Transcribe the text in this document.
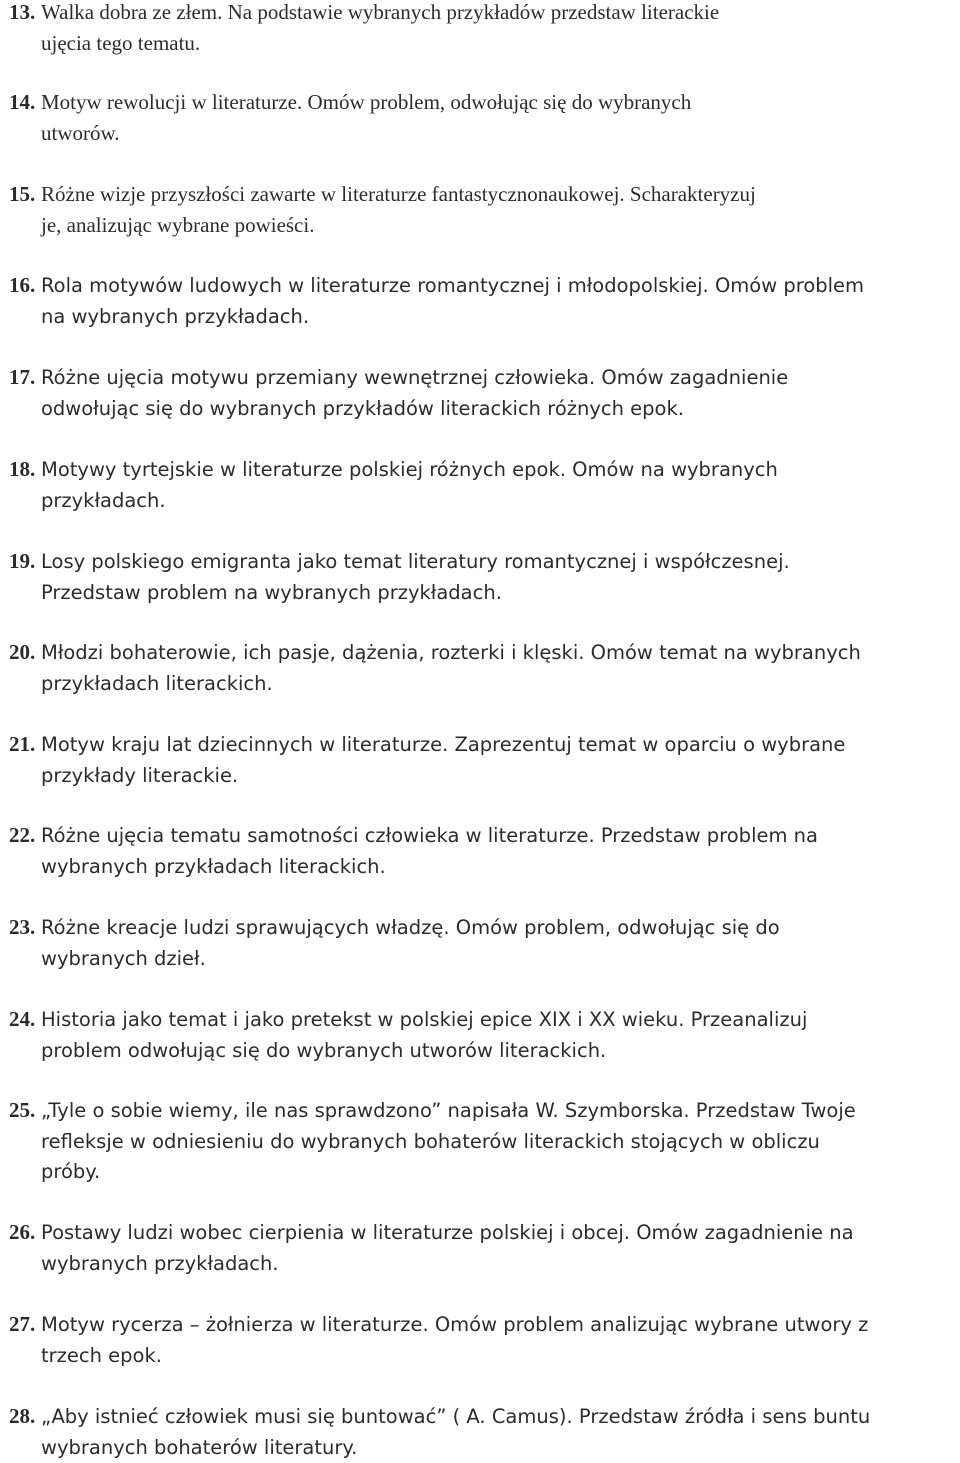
13. Walka dobra ze złem. Na podstawie wybranych przykładów przedstaw literackie
ujęcia tego tematu.
14. Motyw rewolucji w literaturze. Omów problem, odwołując się do wybranych
utworów.
15. Różne wizje przyszłości zawarte w literaturze fantastycznonaukowej. Scharakteryzuj
je, analizując wybrane powieści.
16. Rola motywów ludowych w literaturze romantycznej i młodopolskiej. Omów problem
na wybranych przykładach.
17. Różne ujęcia motywu przemiany wewnętrznej człowieka. Omów zagadnienie
odwołując się do wybranych przykładów literackich różnych epok.
18. Motywy tyrtejskie w literaturze polskiej różnych epok. Omów na wybranych
przykładach.
19. Losy polskiego emigranta jako temat literatury romantycznej i współczesnej.
Przedstaw problem na wybranych przykładach.
20. Młodzi bohaterowie, ich pasje, dążenia, rozterki i klęski. Omów temat na wybranych
przykładach literackich.
21. Motyw kraju lat dziecinnych w literaturze. Zaprezentuj temat w oparciu o wybrane
przykłady literackie.
22. Różne ujęcia tematu samotności człowieka w literaturze. Przedstaw problem na
wybranych przykładach literackich.
23. Różne kreacje ludzi sprawujących władzę. Omów problem, odwołując się do
wybranych dzieł.
24. Historia jako temat i jako pretekst w polskiej epice XIX i XX wieku. Przeanalizuj
problem odwołując się do wybranych utworów literackich.
25. „Tyle o sobie wiemy, ile nas sprawdzono” napisała W. Szymborska. Przedstaw Twoje
refleksje w odniesieniu do wybranych bohaterów literackich stojących w obliczu
próby.
26. Postawy ludzi wobec cierpienia w literaturze polskiej i obcej. Omów zagadnienie na
wybranych przykładach.
27. Motyw rycerza – żołnierza w literaturze. Omów problem analizując wybrane utwory z
trzech epok.
28. „Aby istnieć człowiek musi się buntować” ( A. Camus). Przedstaw źródła i sens buntu
wybranych bohaterów literatury.
